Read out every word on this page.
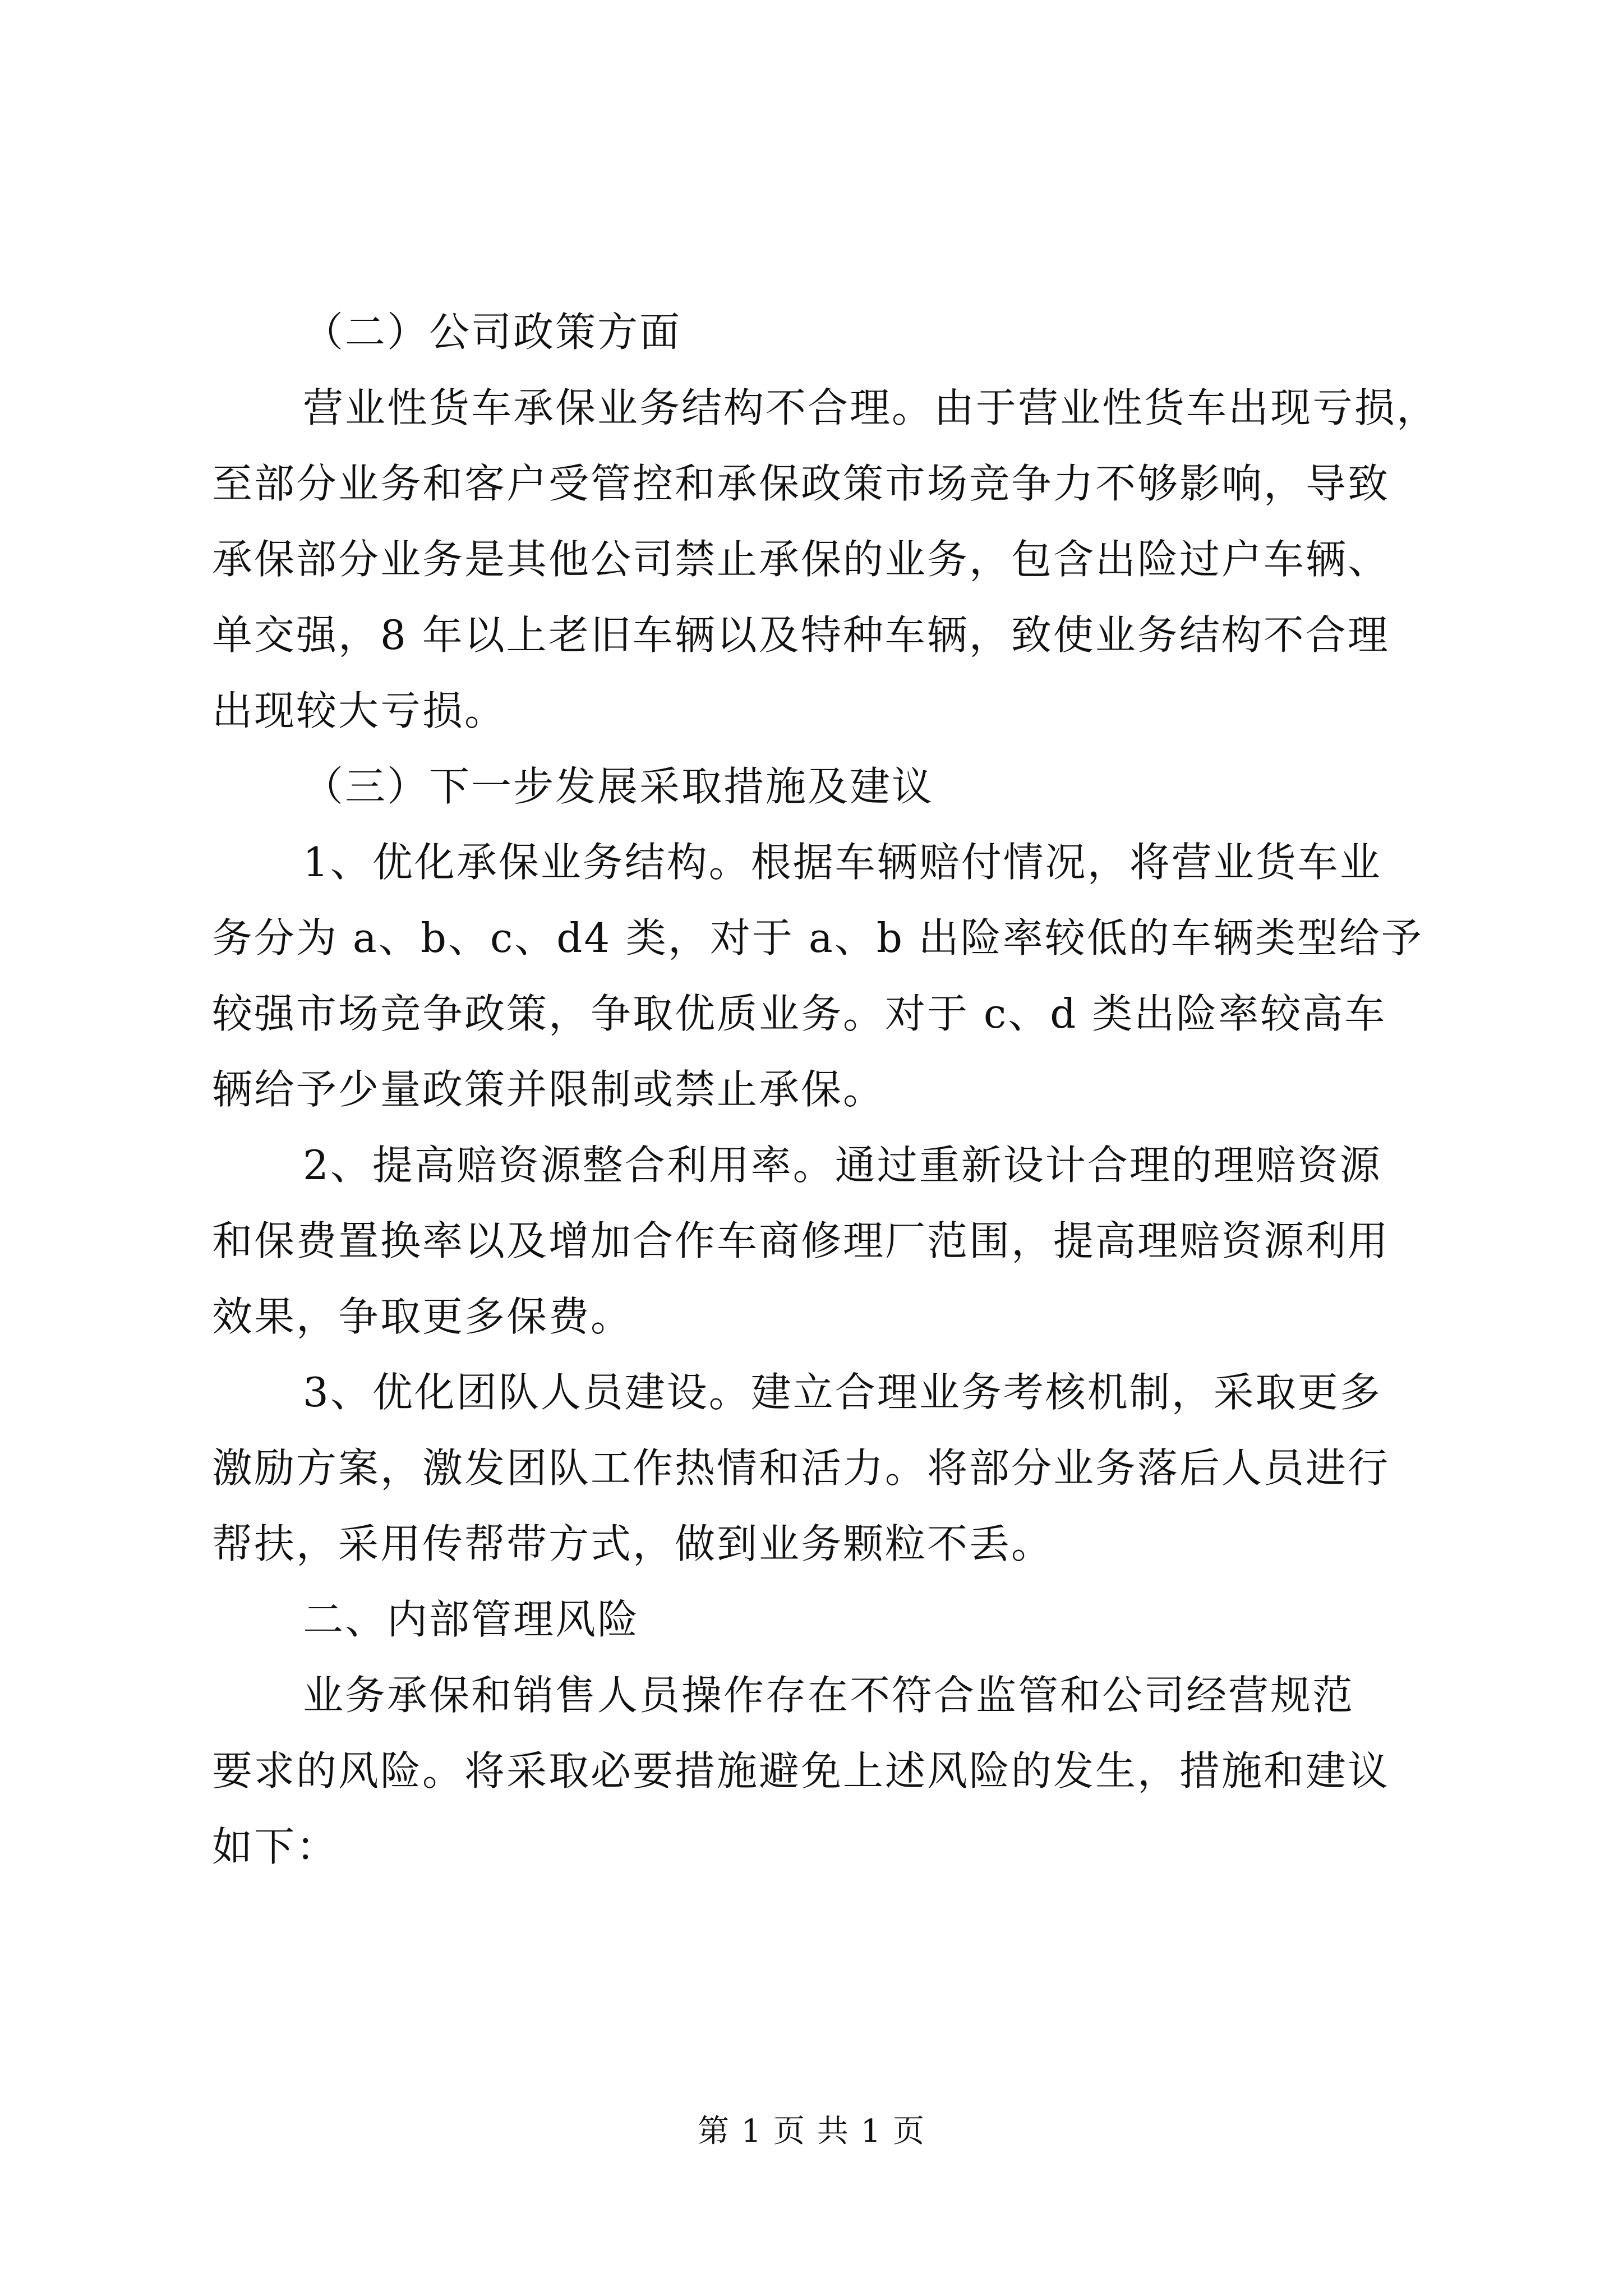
（二）公司政策方面
营业性货车承保业务结构不合理。由于营业性货车出现亏损，
至部分业务和客户受管控和承保政策市场竞争力不够影响，导致
承保部分业务是其他公司禁止承保的业务，包含出险过户车辆、
单交强，8 年以上老旧车辆以及特种车辆，致使业务结构不合理
出现较大亏损。
（三）下一步发展采取措施及建议
1、优化承保业务结构。根据车辆赔付情况，将营业货车业
务分为 a、b、c、d4 类，对于 a、b 出险率较低的车辆类型给予
较强市场竞争政策，争取优质业务。对于 c、d 类出险率较高车
辆给予少量政策并限制或禁止承保。
2、提高赔资源整合利用率。通过重新设计合理的理赔资源
和保费置换率以及增加合作车商修理厂范围，提高理赔资源利用
效果，争取更多保费。
3、优化团队人员建设。建立合理业务考核机制，采取更多
激励方案，激发团队工作热情和活力。将部分业务落后人员进行
帮扶，采用传帮带方式，做到业务颗粒不丢。
二、内部管理风险
业务承保和销售人员操作存在不符合监管和公司经营规范
要求的风险。将采取必要措施避免上述风险的发生，措施和建议
如下：
第 1 页 共 1 页
